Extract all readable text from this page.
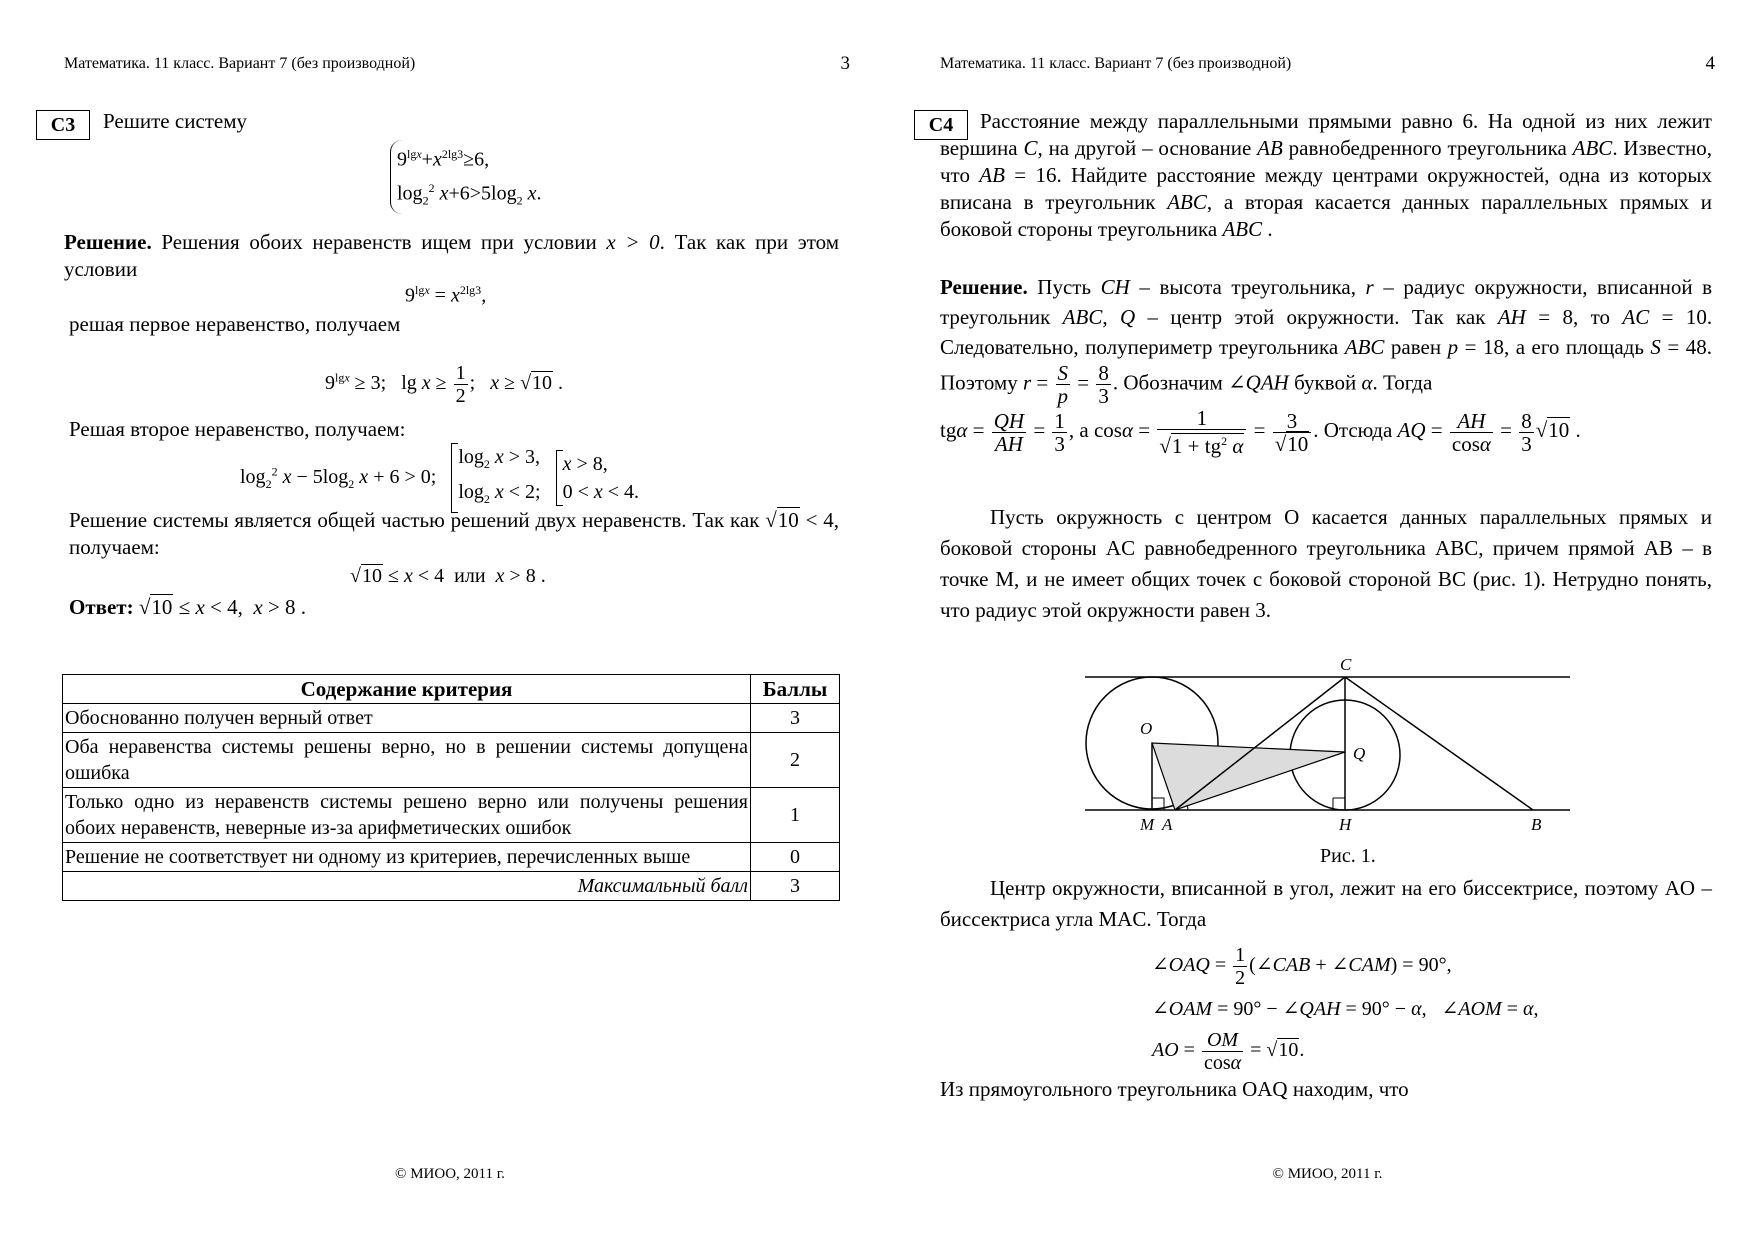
Математика. 11 класс. Вариант 7 (без производной)	3
С3	Решите систему
$9^{lgx}+x^{2lg3}\ge 6$,
$\log_2^2 x+6>5\log_2$ x.
Решение. Решения обоих неравенств ищем при условии x > 0. Так как при этом условии
$9^{lgx} = x^{2lg3}$,
решая первое неравенство, получаем
$9^{lgx} \ge 3$;   $\lg x \ge \frac{1}{2}$ ;   x ≥ √10 .
Решая второе неравенство, получаем:
$\log_2^2 x - 5\log_2$ x + 6 > 0;
$\log_2 x > 3$,
$\log_2 x < 2$;

x > 8,
0 < x < 4.
Решение системы является общей частью решений двух неравенств. Так как √10 < 4, получаем:
√10 ≤ x < 4  или x > 8 .
Ответ: √10 ≤ x < 4,  x > 8 .
Содержание критерия	Баллы
Обоснованно получен верный ответ	3
Оба неравенства системы решены верно, но в решении системы допущена ошибка	2
Только одно из неравенств системы решено верно или получены решения обоих неравенств, неверные из-за арифметических ошибок	1
Решение не соответствует ни одному из критериев, перечисленных выше	0
Максимальный балл	3
© МИОО, 2011 г.
Математика. 11 класс. Вариант 7 (без производной)	4
С4	Расстояние между параллельными прямыми равно 6. На одной из них лежит вершина C, на другой – основание AB равнобедренного треугольника ABC. Известно, что AB = 16. Найдите расстояние между центрами окружностей, одна из которых вписана в треугольник ABC, а вторая касается данных параллельных прямых и боковой стороны треугольника ABC .
Решение. Пусть CH – высота треугольника, r – радиус окружности, вписанной в треугольник ABC, Q – центр этой окружности. Так как AH = 8, то AC = 10. Следовательно, полупериметр треугольника ABC равен p = 18, а его площадь S = 48. Поэтому $r = \frac{S}{p} = \frac{8}{3}$ . Обозначим ∠QAH буквой α. Тогда
$tg\alpha = \frac{QH}{AH} = \frac{1}{3}$ , а $\cos\alpha = \frac{1}{√1 + tg^2 \alpha} = \frac{3}{√10}$ . Отсюда AQ = $\frac{AH}{\cos\alpha} = \frac{8}{3} √10$ .
Пусть окружность с центром O касается данных параллельных прямых и боковой стороны AC равнобедренного треугольника ABC, причем прямой AB – в точке M, и не имеет общих точек с боковой стороной BC (рис. 1). Нетрудно понять, что радиус этой окружности равен 3.
C
O
Q
M A	H	B
Рис. 1.
Центр окружности, вписанной в угол, лежит на его биссектрисе, поэтому AO – биссектриса угла MAC. Тогда
∠OAQ = $\frac{1}{2}$ (∠CAB + ∠CAM) = 90°,
∠OAM = 90° − ∠QAH = 90° − α,   ∠AOM = α,
AO = $\frac{OM}{\cos\alpha} = √10$.
Из прямоугольного треугольника OAQ находим, что
© МИОО, 2011 г.
